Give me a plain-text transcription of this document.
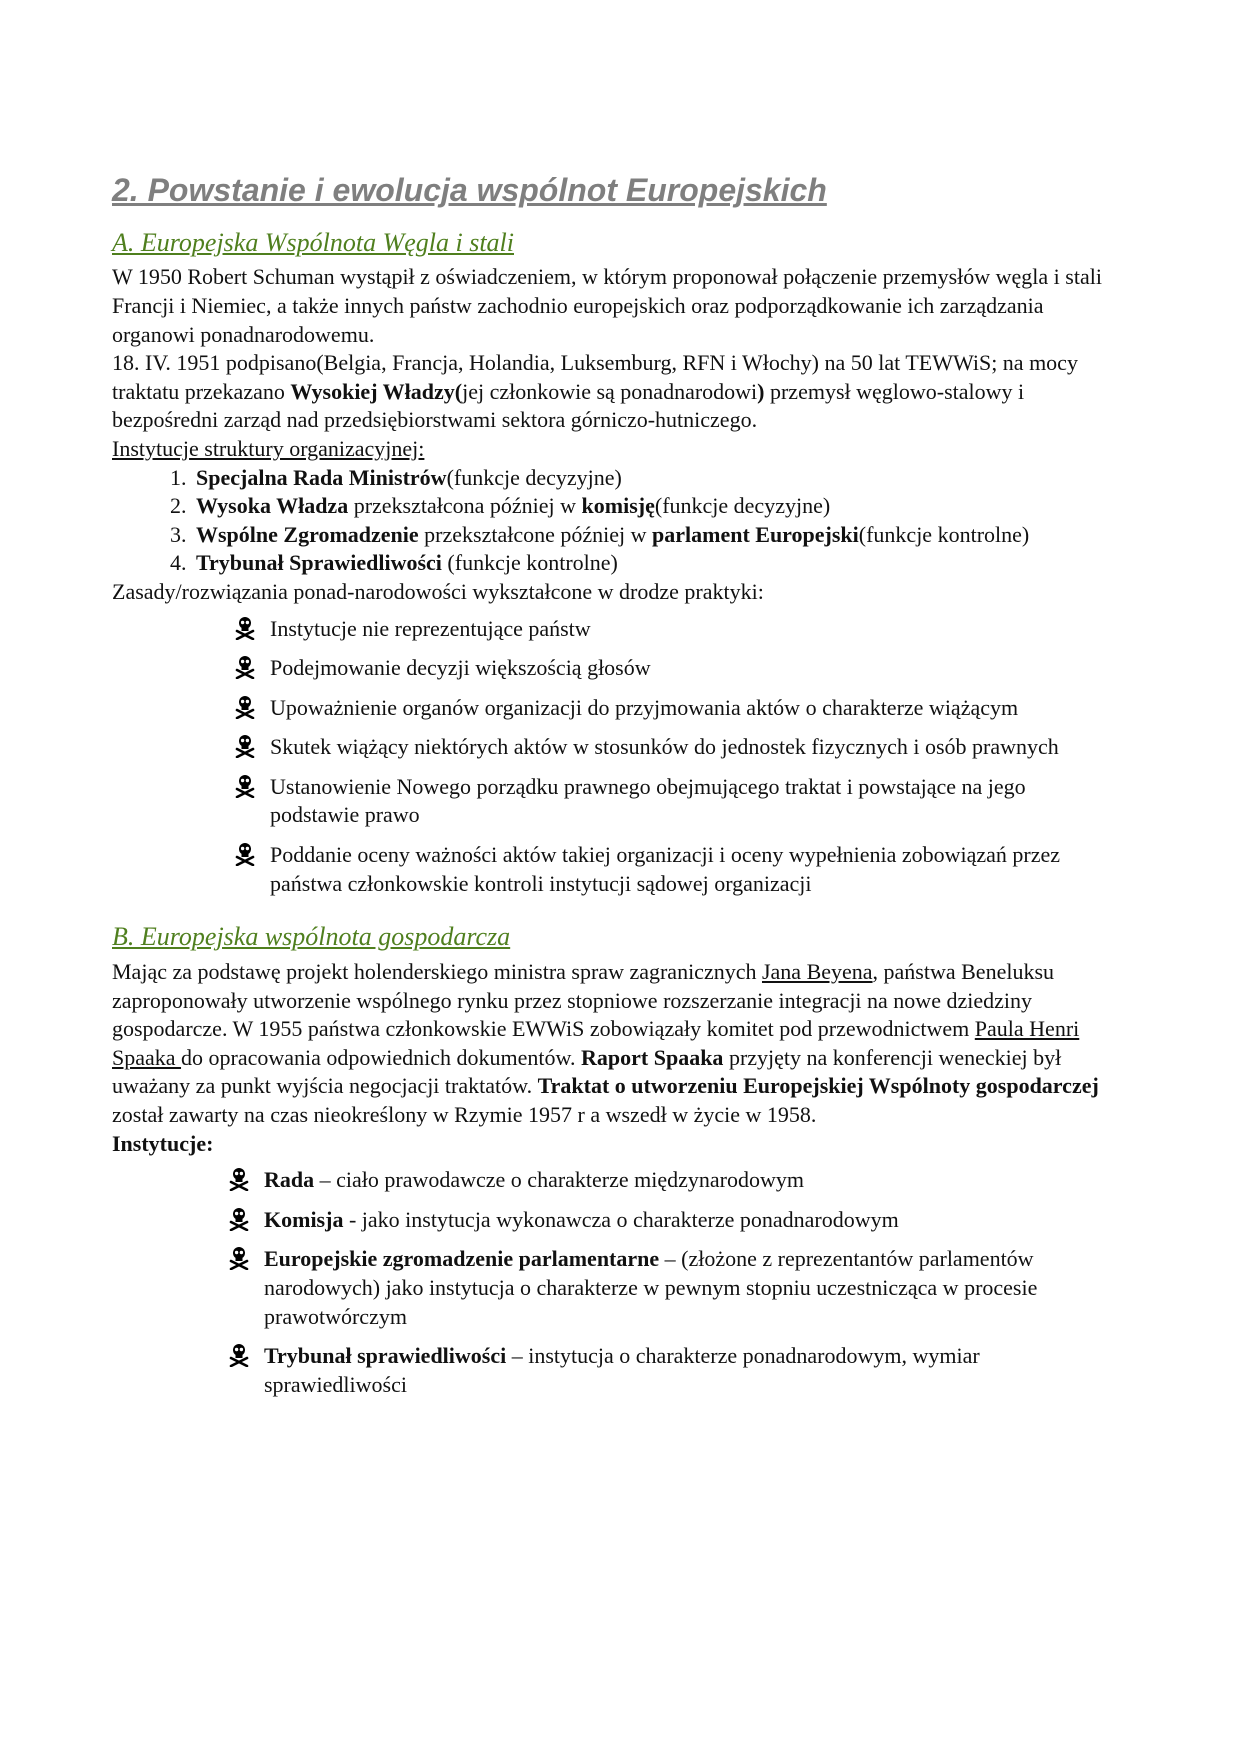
2. Powstanie i ewolucja wspólnot Europejskich
A. Europejska Wspólnota Węgla i stali

W 1950 Robert Schuman wystąpił z oświadczeniem, w którym proponował połączenie przemysłów węgla i stali Francji i Niemiec, a także innych państw zachodnio europejskich oraz podporządkowanie ich zarządzania organowi ponadnarodowemu.

18. IV. 1951 podpisano(Belgia, Francja, Holandia, Luksemburg, RFN i Włochy) na 50 lat TEWWiS; na mocy traktatu przekazano Wysokiej Władzy(jej członkowie są ponadnarodowi) przemysł węglowo-stalowy i bezpośredni zarząd nad przedsiębiorstwami sektora górniczo-hutniczego.

Instytucje struktury organizacyjnej:

1. Specjalna Rada Ministrów(funkcje decyzyjne)
2. Wysoka Władza przekształcona później w komisję(funkcje decyzyjne)
3. Wspólne Zgromadzenie przekształcone później w parlament Europejski(funkcje kontrolne)
4. Trybunał Sprawiedliwości (funkcje kontrolne)

Zasady/rozwiązania ponad-narodowości wykształcone w drodze praktyki:

Instytucje nie reprezentujące państw
Podejmowanie decyzji większością głosów
Upoważnienie organów organizacji do przyjmowania aktów o charakterze wiążącym
Skutek wiążący niektórych aktów w stosunków do jednostek fizycznych i osób prawnych
Ustanowienie Nowego porządku prawnego obejmującego traktat i powstające na jego podstawie prawo
Poddanie oceny ważności aktów takiej organizacji i oceny wypełnienia zobowiązań przez państwa członkowskie kontroli instytucji sądowej organizacji
B. Europejska wspólnota gospodarcza

Mając za podstawę projekt holenderskiego ministra spraw zagranicznych Jana Beyena, państwa Beneluksu zaproponowały utworzenie wspólnego rynku przez stopniowe rozszerzanie integracji na nowe dziedziny gospodarcze. W 1955 państwa członkowskie EWWiS zobowiązały komitet pod przewodnictwem Paula Henri Spaaka do opracowania odpowiednich dokumentów. Raport Spaaka przyjęty na konferencji weneckiej był uważany za punkt wyjścia negocjacji traktatów. Traktat o utworzeniu Europejskiej Wspólnoty gospodarczej został zawarty na czas nieokreślony w Rzymie 1957 r a wszedł w życie w 1958.

Instytucje:

Rada – ciało prawodawcze o charakterze międzynarodowym
Komisja - jako instytucja wykonawcza o charakterze ponadnarodowym
Europejskie zgromadzenie parlamentarne – (złożone z reprezentantów parlamentów narodowych) jako instytucja o charakterze w pewnym stopniu uczestnicząca w procesie prawotwórczym
Trybunał sprawiedliwości – instytucja o charakterze ponadnarodowym, wymiar sprawiedliwości
